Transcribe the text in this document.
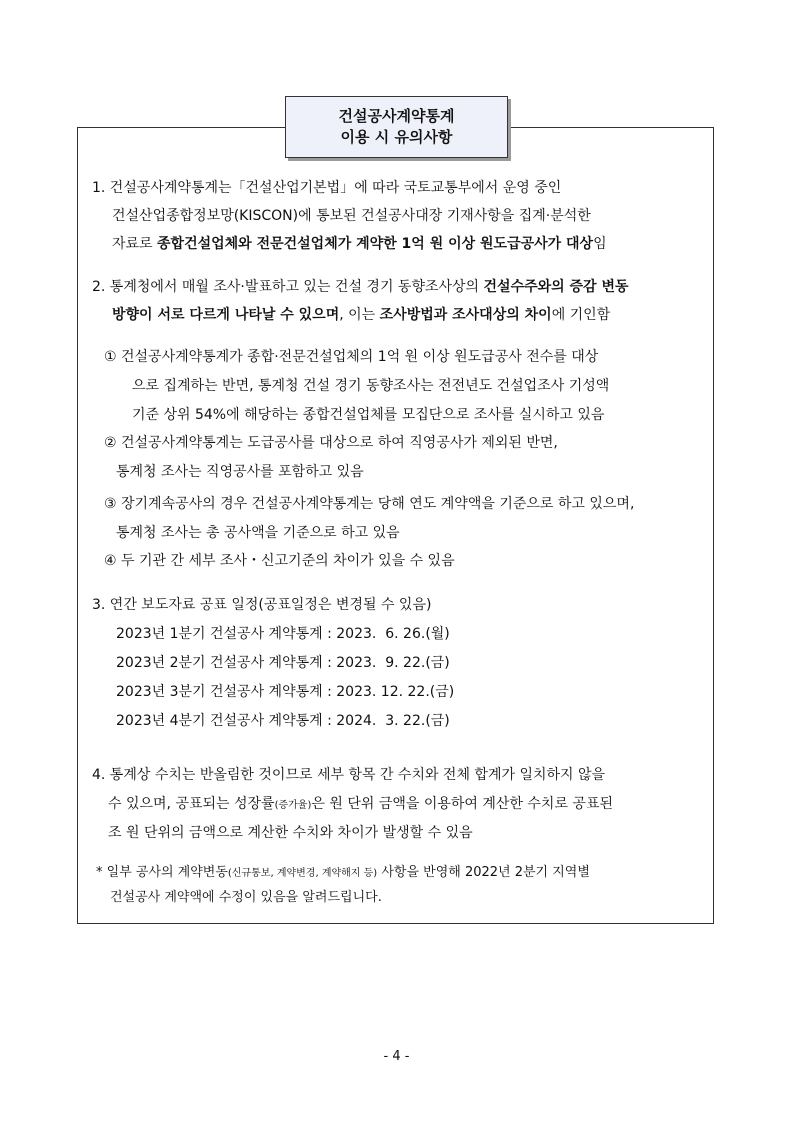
건설공사계약통계
이용 시 유의사항
1. 건설공사계약통계는「건설산업기본법」에 따라 국토교통부에서 운영 중인
건설산업종합정보망(KISCON)에 통보된 건설공사대장 기재사항을 집계·분석한
자료로 종합건설업체와 전문건설업체가 계약한 1억 원 이상 원도급공사가 대상임
2. 통계청에서 매월 조사·발표하고 있는 건설 경기 동향조사상의 건설수주와의 증감 변동
방향이 서로 다르게 나타날 수 있으며, 이는 조사방법과 조사대상의 차이에 기인함
① 건설공사계약통계가 종합·전문건설업체의 1억 원 이상 원도급공사 전수를 대상
으로 집계하는 반면, 통계청 건설 경기 동향조사는 전전년도 건설업조사 기성액
기준 상위 54%에 해당하는 종합건설업체를 모집단으로 조사를 실시하고 있음
② 건설공사계약통계는 도급공사를 대상으로 하여 직영공사가 제외된 반면,
통계청 조사는 직영공사를 포함하고 있음
③ 장기계속공사의 경우 건설공사계약통계는 당해 연도 계약액을 기준으로 하고 있으며,
통계청 조사는 총 공사액을 기준으로 하고 있음
④ 두 기관 간 세부 조사・신고기준의 차이가 있을 수 있음
3. 연간 보도자료 공표 일정(공표일정은 변경될 수 있음)
2023년 1분기 건설공사 계약통계 : 2023.  6. 26.(월)
2023년 2분기 건설공사 계약통계 : 2023.  9. 22.(금)
2023년 3분기 건설공사 계약통계 : 2023. 12. 22.(금)
2023년 4분기 건설공사 계약통계 : 2024.  3. 22.(금)
4. 통계상 수치는 반올림한 것이므로 세부 항목 간 수치와 전체 합계가 일치하지 않을
수 있으며, 공표되는 성장률(증가율)은 원 단위 금액을 이용하여 계산한 수치로 공표된
조 원 단위의 금액으로 계산한 수치와 차이가 발생할 수 있음
* 일부 공사의 계약변동(신규통보, 계약변경, 계약해지 등) 사항을 반영해 2022년 2분기 지역별
건설공사 계약액에 수정이 있음을 알려드립니다.
- 4 -
